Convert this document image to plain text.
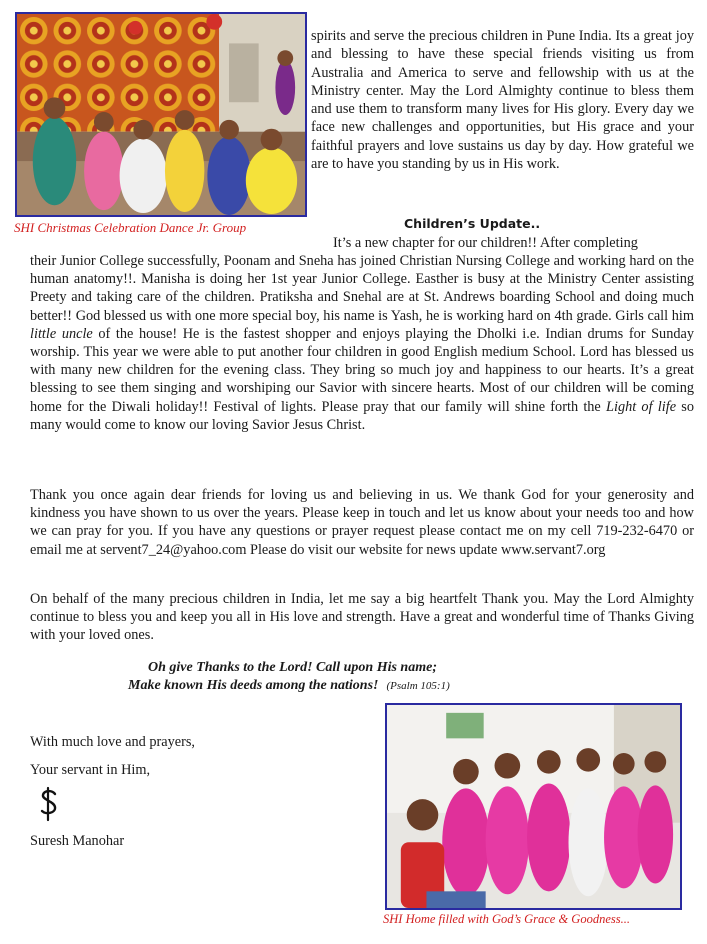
SHI Christmas Celebration Dance Jr. Group

spirits and serve the precious children in Pune India. Its a great joy and blessing to have these special friends visiting us from Australia and America to serve and fellowship with us at the Ministry center. May the Lord Almighty continue to bless them and use them to transform many lives for His glory. Every day we face new challenges and opportunities, but His grace and your faithful prayers and love sustains us day by day. How grateful we are to have you standing by us in His work.

Children’s Update..

It’s a new chapter for our children!! After completing

their Junior College successfully, Poonam and Sneha has joined Christian Nursing College and working hard on the human anatomy!!. Manisha is doing her 1st year Junior College. Easther is busy at the Ministry Center assisting Preety and taking care of the children. Pratiksha and Snehal are at St. Andrews boarding School and doing much better!! God blessed us with one more special boy, his name is Yash, he is working hard on 4th grade. Girls call him little uncle of the house! He is the fastest shopper and enjoys playing the Dholki i.e. Indian drums for Sunday worship. This year we were able to put another four children in good English medium School. Lord has blessed us with many new children for the evening class. They bring so much joy and happiness to our hearts. It’s a great blessing to see them singing and worshiping our Savior with sincere hearts. Most of our children will be coming home for the Diwali holiday!! Festival of lights. Please pray that our family will shine forth the Light of life so many would come to know our loving Savior Jesus Christ.

Thank you once again dear friends for loving us and believing in us. We thank God for your generosity and kindness you have shown to us over the years. Please keep in touch and let us know about your needs too and how we can pray for you. If you have any questions or prayer request please contact me on my cell 719-232-6470 or email me at servent7_24@yahoo.com Please do visit our website for news update www.servant7.org

On behalf of the many precious children in India, let me say a big heartfelt Thank you. May the Lord Almighty continue to bless you and keep you all in His love and strength. Have a great and wonderful time of Thanks Giving with your loved ones.

Oh give Thanks to the Lord! Call upon His name;
Make known His deeds among the nations! (Psalm 105:1)
With much love and prayers,
Your servant in Him,
Suresh Manohar
SHI Home filled with God’s Grace & Goodness...
